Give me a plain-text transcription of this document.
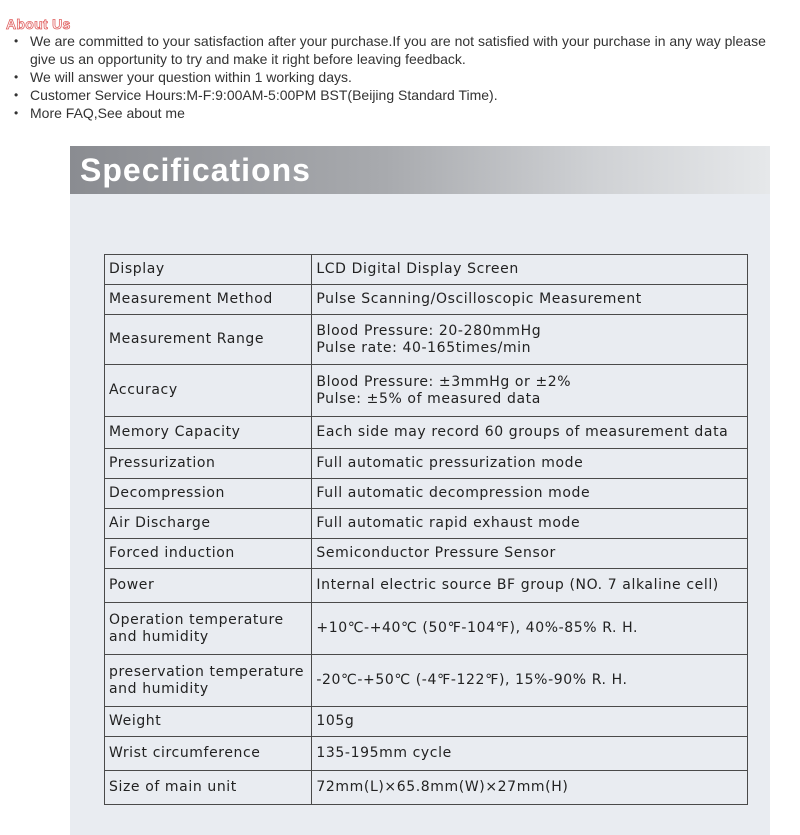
About Us
• We are committed to your satisfaction after your purchase.If you are not satisfied with your purchase in any way please give us an opportunity to try and make it right before leaving feedback.
• We will answer your question within 1 working days.
• Customer Service Hours:M-F:9:00AM-5:00PM BST(Beijing Standard Time).
• More FAQ,See about me
Specifications
Display	LCD Digital Display Screen

Measurement Method	Pulse Scanning/Oscilloscopic Measurement

Measurement Range	Blood Pressure: 20-280mmHg
Pulse rate: 40-165times/min

Accuracy	Blood Pressure: ±3mmHg or ±2%
Pulse: ±5% of measured data

Memory Capacity	Each side may record 60 groups of measurement data

Pressurization	Full automatic pressurization mode

Decompression	Full automatic decompression mode

Air Discharge	Full automatic rapid exhaust mode

Forced induction	Semiconductor Pressure Sensor

Power	Internal electric source BF group (NO. 7 alkaline cell)

Operation temperature and humidity	+10℃-+40℃ (50℉-104℉), 40%-85% R. H.

preservation temperature and humidity	-20℃-+50℃ (-4℉-122℉), 15%-90% R. H.

Weight	105g

Wrist circumference	135-195mm cycle

Size of main unit	72mm(L)×65.8mm(W)×27mm(H)
